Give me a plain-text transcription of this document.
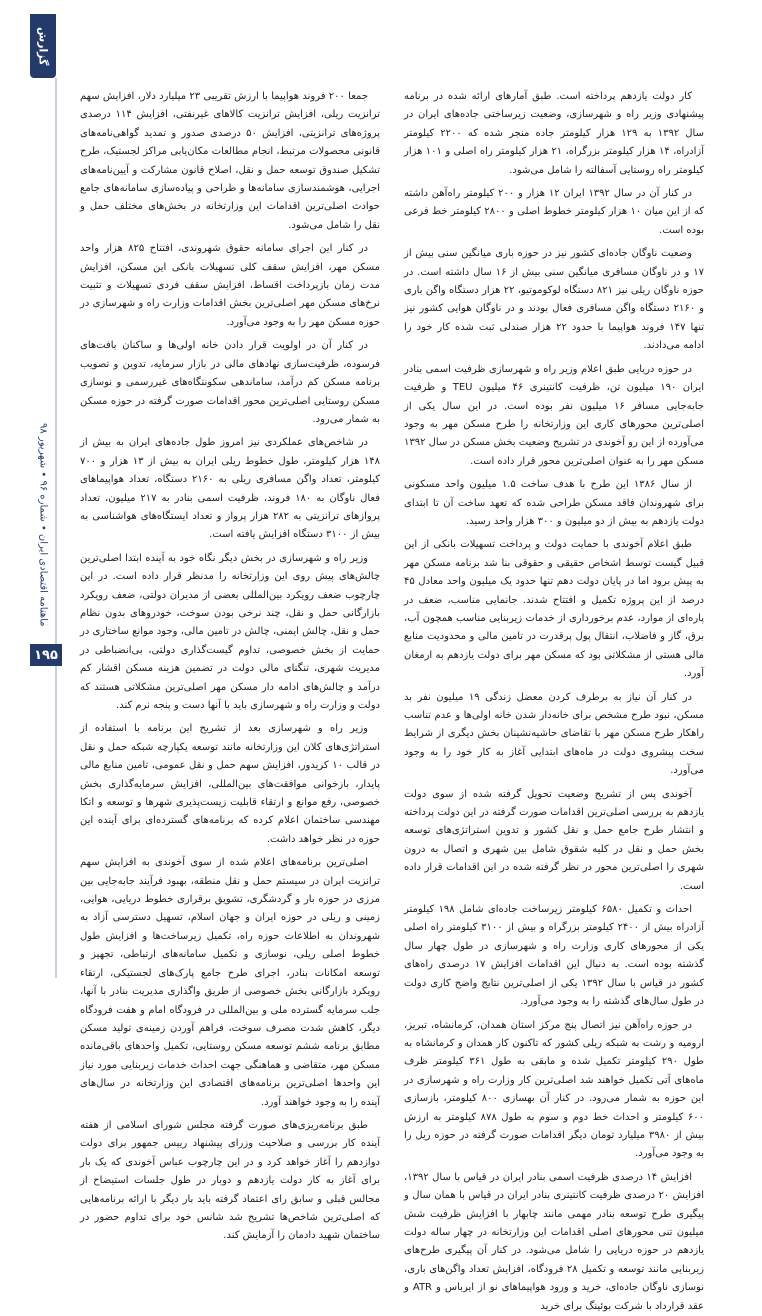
گزارش
ماهنامه اقتصادی ایران • شماره ۹۶ • شهریور ۹۸
۱۹۵

کار دولت یازدهم پرداخته است. طبق آمارهای ارائه شده در برنامه پیشنهادی وزیر راه و شهرسازی، وضعیت زیرساختی جاده‌های ایران در سال ۱۳۹۲ به ۱۲۹ هزار کیلومتر جاده منجر شده که ۲۲۰۰ کیلومتر آزادراه، ۱۴ هزار کیلومتر بزرگراه، ۲۱ هزار کیلومتر راه اصلی و ۱۰۱ هزار کیلومتر راه روستایی آسفالته را شامل می‌شود.

در کنار آن در سال ۱۳۹۲ ایران ۱۲ هزار و ۲۰۰ کیلومتر راه‌آهن داشته که از این میان ۱۰ هزار کیلومتر خطوط اصلی و ۲۸۰۰ کیلومتر خط فرعی بوده است.

وضعیت ناوگان جاده‌ای کشور نیز در حوزه باری میانگین سنی بیش از ۱۷ و در ناوگان مسافری میانگین سنی بیش از ۱۶ سال داشته است. در حوزه ناوگان ریلی نیز ۸۲۱ دستگاه لوکوموتیو، ۲۲ هزار دستگاه واگن باری و ۲۱۶۰ دستگاه واگن مسافری فعال بودند و در ناوگان هوایی کشور نیز تنها ۱۴۷ فروند هواپیما با حدود ۲۲ هزار صندلی ثبت شده کار خود را ادامه می‌دادند.

در حوزه دریایی طبق اعلام وزیر راه و شهرسازی ظرفیت اسمی بنادر ایران ۱۹۰ میلیون تن، ظرفیت کانتینری ۴۶ میلیون TEU و ظرفیت جابه‌جایی مسافر ۱۶ میلیون نفر بوده است. در این سال یکی از اصلی‌ترین محورهای کاری این وزارتخانه را طرح مسکن مهر به وجود می‌آورده از این رو آخوندی در تشریح وضعیت بخش مسکن در سال ۱۳۹۲ مسکن مهر را به عنوان اصلی‌ترین محور قرار داده است.

از سال ۱۳۸۶ این طرح با هدف ساخت ۱.۵ میلیون واحد مسکونی برای شهروندان فاقد مسکن طراحی شده که تعهد ساخت آن تا ابتدای دولت یازدهم به بیش از دو میلیون و ۳۰۰ هزار واحد رسید.

طبق اعلام آخوندی با حمایت دولت و پرداخت تسهیلات بانکی از این قبیل گیست توسط اشخاص حقیقی و حقوقی بنا شد برنامه مسکن مهر به پیش برود اما در پایان دولت دهم تنها حدود یک میلیون واحد معادل ۴۵ درصد از این پروژه تکمیل و افتتاح شدند. جانمایی مناسب، ضعف در پاره‌ای از موارد، عدم برخورداری از خدمات زیربنایی مناسب همچون آب، برق، گاز و فاضلاب، انتقال پول پرقدرت در تامین مالی و محدودیت منابع مالی هستی از مشکلاتی بود که مسکن مهر برای دولت یازدهم به ارمغان آورد.

در کنار آن نیاز به برطرف کردن معضل زندگی ۱۹ میلیون نفر بد مسکن، نبود طرح مشخص برای خانه‌دار شدن خانه اولی‌ها و عدم تناسب راهکار طرح مسکن مهر با تقاضای حاشیه‌نشینان بخش دیگری از شرایط سخت پیشروی دولت در ماه‌های ابتدایی آغاز به کار خود را به وجود می‌آورد.

آخوندی پس از تشریح وضعیت تحویل گرفته شده از سوی دولت یازدهم به بررسی اصلی‌ترین اقدامات صورت گرفته در این دولت پرداخته و انتشار طرح جامع حمل و نقل کشور و تدوین استراتژی‌های توسعه بخش حمل و نقل در کلیه شقوق شامل بین شهری و اتصال به درون شهری را اصلی‌ترین محور در نظر گرفته شده در این اقدامات قرار داده است.

احداث و تکمیل ۶۵۸۰ کیلومتر زیرساخت جاده‌ای شامل ۱۹۸ کیلومتر آزادراه بیش از ۲۴۰۰ کیلومتر بزرگراه و بیش از ۳۱۰۰ کیلومتر راه اصلی یکی از محورهای کاری وزارت راه و شهرسازی در طول چهار سال گذشته بوده است. به دنبال این اقدامات افزایش ۱۷ درصدی راه‌های کشور در قیاس با سال ۱۳۹۲ یکی از اصلی‌ترین نتایج واضح کاری دولت در طول سال‌های گذشته را به وجود می‌آورد.

در حوزه راه‌آهن نیز اتصال پنج مرکز استان همدان، کرمانشاه، تبریز، ارومیه و رشت به شبکه ریلی کشور که تاکنون کار همدان و کرمانشاه به طول ۲۹۰ کیلومتر تکمیل شده و مابقی به طول ۳۶۱ کیلومتر ظرف ماه‌های آتی تکمیل خواهند شد اصلی‌ترین کار وزارت راه و شهرسازی در این حوزه به شمار می‌رود. در کنار آن بهسازی ۸۰۰ کیلومتر، بازسازی ۶۰۰ کیلومتر و احداث خط دوم و سوم به طول ۸۷۸ کیلومتر به ارزش بیش از ۳۹۸۰ میلیارد تومان دیگر اقدامات صورت گرفته در حوزه ریل را به وجود می‌آورد.

افزایش ۱۴ درصدی ظرفیت اسمی بنادر ایران در قیاس با سال ۱۳۹۲، افزایش ۲۰ درصدی ظرفیت کانتینری بنادر ایران در قیاس با همان سال و پیگیری طرح توسعه بنادر مهمی مانند چابهار با افزایش ظرفیت شش میلیون تنی محورهای اصلی اقدامات این وزارتخانه در چهار ساله دولت یازدهم در حوزه دریایی را شامل می‌شود. در کنار آن پیگیری طرح‌های زیربنایی مانند توسعه و تکمیل ۲۸ فرودگاه، افزایش تعداد واگن‌های باری، نوسازی ناوگان جاده‌ای، خرید و ورود هواپیماهای نو از ایرباس و ATR و عقد قرارداد با شرکت بوئینگ برای خرید

جمعا ۲۰۰ فروند هواپیما با ارزش تقریبی ۲۳ میلیارد دلار، افزایش سهم ترانزیت ریلی، افزایش ترانزیت کالاهای غیرنفتی، افزایش ۱۱۴ درصدی پروژه‌های ترانزیتی، افزایش ۵۰ درصدی صدور و تمدید گواهی‌نامه‌های قانونی محصولات مرتبط، انجام مطالعات مکان‌یابی مراکز لجستیک، طرح تشکیل صندوق توسعه حمل و نقل، اصلاح قانون مشارکت و آیین‌نامه‌های اجرایی، هوشمندسازی سامانه‌ها و طراحی و پیاده‌سازی سامانه‌های جامع حوادث اصلی‌ترین اقدامات این وزارتخانه در بخش‌های مختلف حمل و نقل را شامل می‌شود.

در کنار این اجرای سامانه حقوق شهروندی، افتتاح ۸۲۵ هزار واحد مسکن مهر، افزایش سقف کلی تسهیلات بانکی این مسکن، افزایش مدت زمان بازپرداخت اقساط، افزایش سقف فردی تسهیلات و تثبیت نرخ‌های مسکن مهر اصلی‌ترین بخش اقدامات وزارت راه و شهرسازی در حوزه مسکن مهر را به وجود می‌آورد.

در کنار آن در اولویت قرار دادن خانه اولی‌ها و ساکنان بافت‌های فرسوده، ظرفیت‌سازی نهادهای مالی در بازار سرمایه، تدوین و تصویب برنامه مسکن کم درآمد، ساماندهی سکونتگاه‌های غیررسمی و نوسازی مسکن روستایی اصلی‌ترین محور اقدامات صورت گرفته در حوزه مسکن به شمار می‌رود.

در شاخص‌های عملکردی نیز امروز طول جاده‌های ایران به بیش از ۱۴۸ هزار کیلومتر، طول خطوط ریلی ایران به بیش از ۱۳ هزار و ۷۰۰ کیلومتر، تعداد واگن مسافری ریلی به ۲۱۶۰ دستگاه، تعداد هواپیماهای فعال ناوگان به ۱۸۰ فروند، ظرفیت اسمی بنادر به ۲۱۷ میلیون، تعداد پروازهای ترانزیتی به ۲۸۲ هزار پرواز و تعداد ایستگاه‌های هواشناسی به بیش از ۳۱۰۰ دستگاه افزایش یافته است.

وزیر راه و شهرسازی در بخش دیگر نگاه خود به آینده ابتدا اصلی‌ترین چالش‌های پیش روی این وزارتخانه را مدنظر قرار داده است. در این چارچوب ضعف رویکرد بین‌المللی بعضی از مدیران دولتی، ضعف رویکرد بازارگانی حمل و نقل، چند نرخی بودن سوخت، خودروهای بدون نظام حمل و نقل، چالش ایمنی، چالش در تامین مالی، وجود موانع ساختاری در حمایت از بخش خصوصی، تداوم گیست‌گذاری دولتی، بی‌انضباطی در مدیریت شهری، تنگنای مالی دولت در تضمین هزینه مسکن اقشار کم درآمد و چالش‌های ادامه دار مسکن مهر اصلی‌ترین مشکلاتی هستند که دولت و وزارت راه و شهرسازی باید با آنها دست و پنجه نرم کند.

وزیر راه و شهرسازی بعد از تشریح این برنامه با استفاده از استراتژی‌های کلان این وزارتخانه مانند توسعه یکپارچه شبکه حمل و نقل در قالب ۱۰ کریدور، افزایش سهم حمل و نقل عمومی، تامین منابع مالی پایدار، بازخوانی موافقت‌های بین‌المللی، افزایش سرمایه‌گذاری بخش خصوصی، رفع موانع و ارتقاء قابلیت زیست‌پذیری شهرها و توسعه و اتکا مهندسی ساختمان اعلام کرده که برنامه‌های گسترده‌ای برای آینده این حوزه در نظر خواهد داشت.

اصلی‌ترین برنامه‌های اعلام شده از سوی آخوندی به افزایش سهم ترانزیت ایران در سیستم حمل و نقل منطقه، بهبود فرآیند جابه‌جایی بین مرزی در حوزه بار و گردشگری، تشویق برقراری خطوط دریایی، هوایی، زمینی و ریلی در حوزه ایران و جهان اسلام، تسهیل دسترسی آزاد به شهروندان به اطلاعات حوزه راه، تکمیل زیرساخت‌ها و افزایش طول خطوط اصلی ریلی، نوسازی و تکمیل سامانه‌های ارتباطی، تجهیز و توسعه امکانات بنادر، اجرای طرح جامع پارک‌های لجستیکی، ارتقاء رویکرد بازارگانی بخش خصوصی از طریق واگذاری مدیریت بنادر با آنها، جلب سرمایه گسترده ملی و بین‌المللی در فرودگاه امام و هفت فرودگاه دیگر، کاهش شدت مصرف سوخت، فراهم آوردن زمینه‌ی تولید مسکن مطابق برنامه ششم توسعه مسکن روستایی، تکمیل واحدهای باقی‌مانده مسکن مهر، متقاضی و هماهنگی جهت احداث خدمات زیربنایی مورد نیاز این واحدها اصلی‌ترین برنامه‌های اقتصادی این وزارتخانه در سال‌های آینده را به وجود خواهند آورد.

طبق برنامه‌ریزی‌های صورت گرفته مجلس شورای اسلامی از هفته آینده کار بررسی و صلاحیت وزرای پیشنهاد رییس جمهور برای دولت دوازدهم را آغاز خواهد کرد و در این چارچوب عباس آخوندی که یک بار برای آغاز به کار دولت یازدهم و دوبار در طول جلسات استیضاح از مجالس قبلی و سابق رای اعتماد گرفته باید بار دیگر با ارائه برنامه‌هایی که اصلی‌ترین شاخص‌ها تشریح شد شانس خود برای تداوم حضور در ساختمان شهید دادمان را آزمایش کند.
